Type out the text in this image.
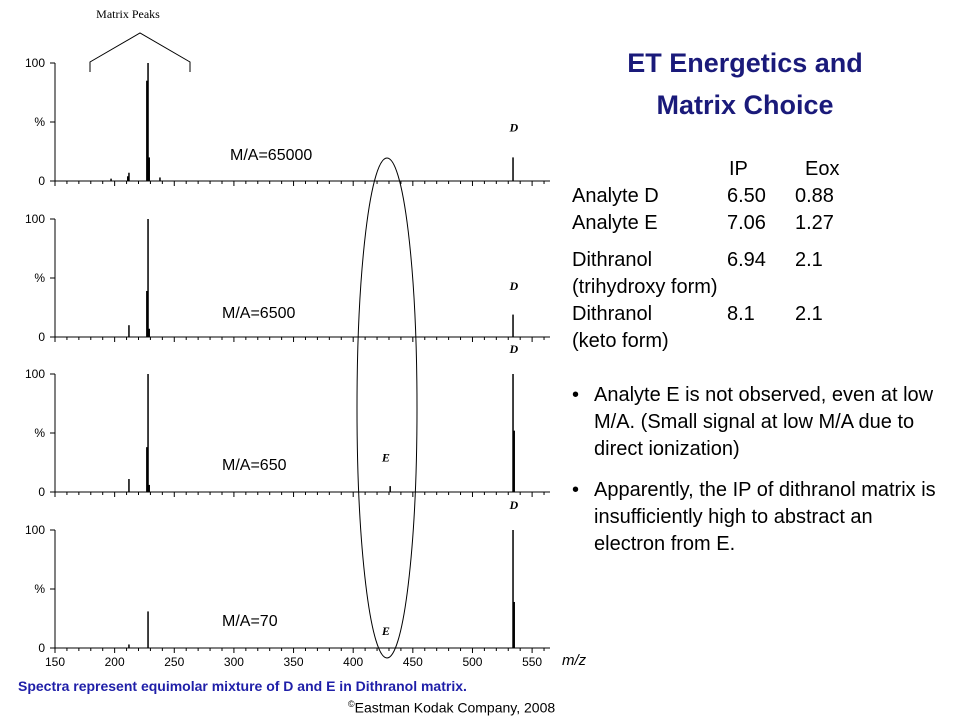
100
%
0
D
M/A=65000
100
%
0
D
M/A=6500
100
%
0
E
D
M/A=650
100
%
0
E
D
M/A=70
150	200	250	300	350	400	450	500	550 m/z
Matrix Peaks
ET Energetics and
Matrix Choice
IP	Eox
Analyte D	6.50 0.88
Analyte E	7.06 1.27
Dithranol	6.94 2.1
(trihydroxy form)
Dithranol	8.1 2.1
(keto form)
• Analyte E is not observed, even at low M/A. (Small signal at low M/A due to direct ionization)
• Apparently, the IP of dithranol matrix is insufficiently high to abstract an electron from E.
Spectra represent equimolar mixture of D and E in Dithranol matrix.
©Eastman Kodak Company, 2008
